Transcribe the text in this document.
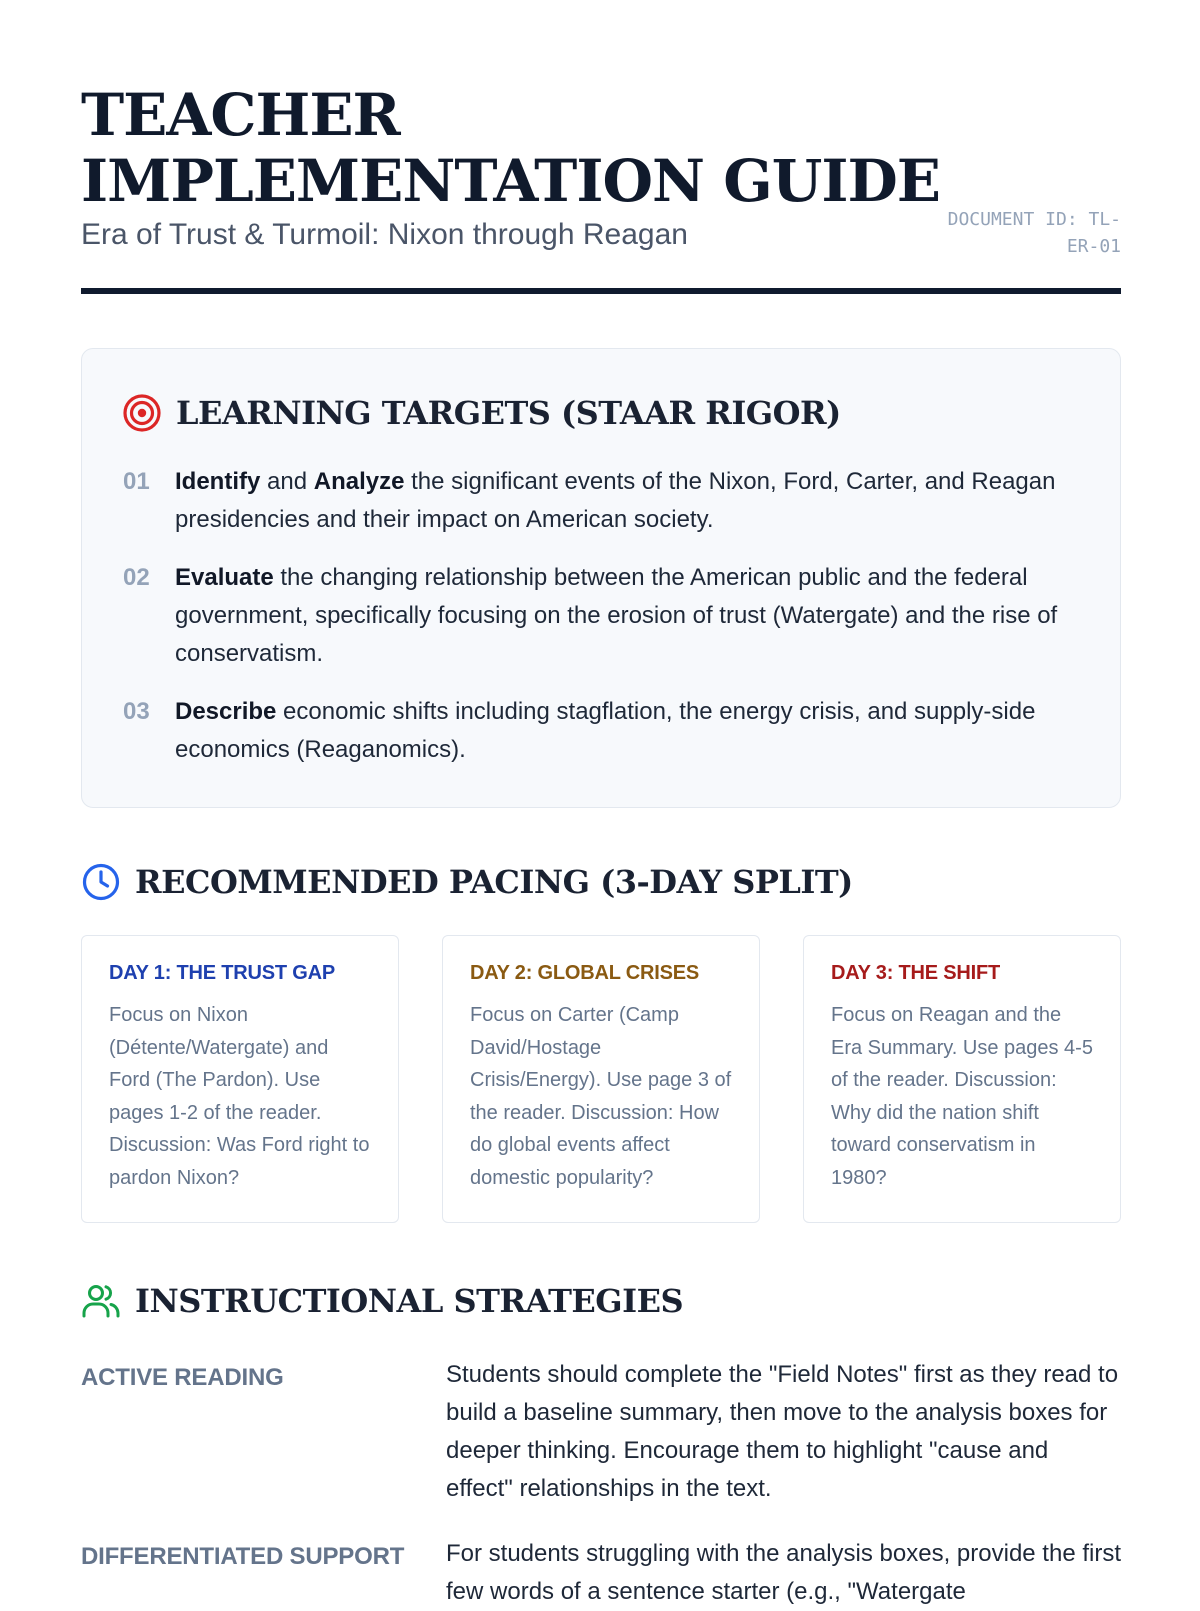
TEACHER IMPLEMENTATION GUIDE
Era of Trust & Turmoil: Nixon through Reagan	DOCUMENT ID: TL-ER-01
LEARNING TARGETS (STAAR RIGOR)
01	Identify and Analyze the significant events of the Nixon, Ford, Carter, and Reagan presidencies and their impact on American society.
02	Evaluate the changing relationship between the American public and the federal government, specifically focusing on the erosion of trust (Watergate) and the rise of conservatism.
03	Describe economic shifts including stagflation, the energy crisis, and supply-side economics (Reaganomics).
RECOMMENDED PACING (3-DAY SPLIT)
DAY 1: THE TRUST GAP
Focus on Nixon (Détente/Watergate) and Ford (The Pardon). Use pages 1-2 of the reader. Discussion: Was Ford right to pardon Nixon?
DAY 2: GLOBAL CRISES
Focus on Carter (Camp David/Hostage Crisis/Energy). Use page 3 of the reader. Discussion: How do global events affect domestic popularity?
DAY 3: THE SHIFT
Focus on Reagan and the Era Summary. Use pages 4-5 of the reader. Discussion: Why did the nation shift toward conservatism in 1980?
INSTRUCTIONAL STRATEGIES
ACTIVE READING	Students should complete the "Field Notes" first as they read to build a baseline summary, then move to the analysis boxes for deeper thinking. Encourage them to highlight "cause and effect" relationships in the text.
DIFFERENTIATED SUPPORT	For students struggling with the analysis boxes, provide the first few words of a sentence starter (e.g., "Watergate
